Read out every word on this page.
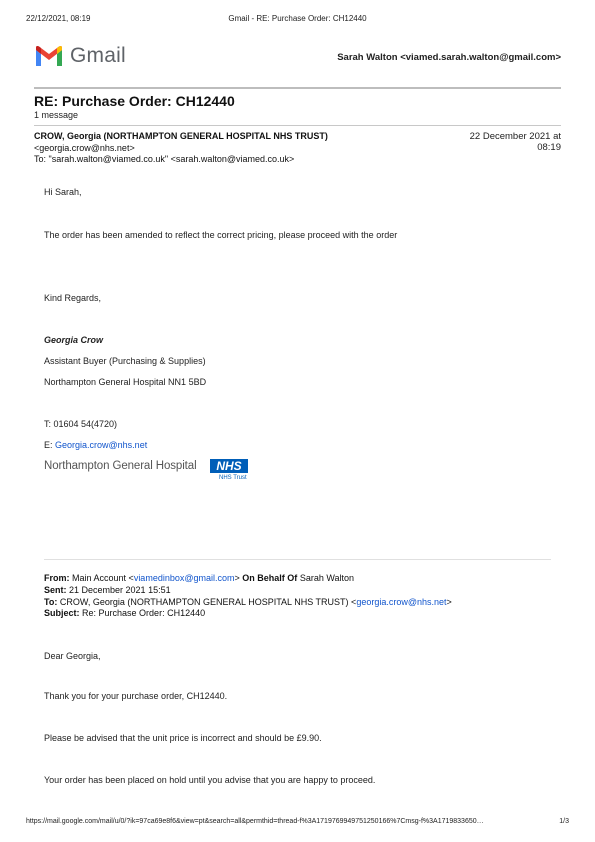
22/12/2021, 08:19	Gmail - RE: Purchase Order: CH12440
Gmail	Sarah Walton <viamed.sarah.walton@gmail.com>
RE: Purchase Order: CH12440
1 message
CROW, Georgia (NORTHAMPTON GENERAL HOSPITAL NHS TRUST)
<georgia.crow@nhs.net>
To: "sarah.walton@viamed.co.uk" <sarah.walton@viamed.co.uk>
22 December 2021 at
08:19
Hi Sarah,
The order has been amended to reflect the correct pricing, please proceed with the order
Kind Regards,
Georgia Crow
Assistant Buyer (Purchasing & Supplies)
Northampton General Hospital NN1 5BD
T: 01604 54(4720)
E: Georgia.crow@nhs.net
Northampton General Hospital	NHS
NHS Trust
From: Main Account <viamedinbox@gmail.com> On Behalf Of Sarah Walton
Sent: 21 December 2021 15:51
To: CROW, Georgia (NORTHAMPTON GENERAL HOSPITAL NHS TRUST) <georgia.crow@nhs.net>
Subject: Re: Purchase Order: CH12440
Dear Georgia,
Thank you for your purchase order, CH12440.
Please be advised that the unit price is incorrect and should be £9.90.
Your order has been placed on hold until you advise that you are happy to proceed.
https://mail.google.com/mail/u/0/?ik=97ca69e8f6&view=pt&search=all&permthid=thread-f%3A1719769949751250166%7Cmsg-f%3A1719833650…	1/3
